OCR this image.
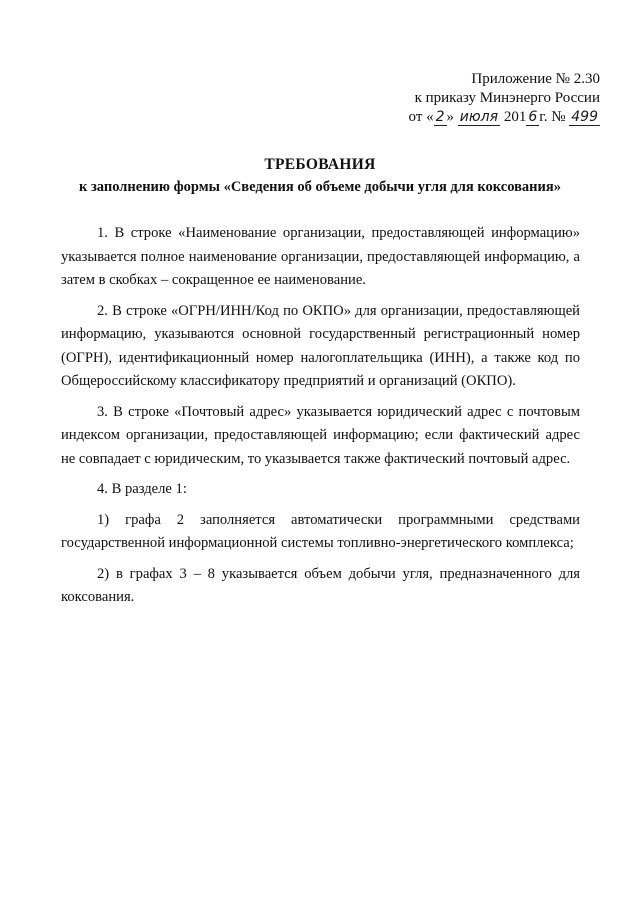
Приложение № 2.30
к приказу Минэнерго России
от « 2 » июля 201 6 г. № 499
ТРЕБОВАНИЯ
к заполнению формы «Сведения об объеме добычи угля для коксования»

1. В строке «Наименование организации, предоставляющей информацию» указывается полное наименование организации, предоставляющей информацию, а затем в скобках – сокращенное ее наименование.

2. В строке «ОГРН/ИНН/Код по ОКПО» для организации, предоставляющей информацию, указываются основной государственный регистрационный номер (ОГРН), идентификационный номер налогоплательщика (ИНН), а также код по Общероссийскому классификатору предприятий и организаций (ОКПО).

3. В строке «Почтовый адрес» указывается юридический адрес с почтовым индексом организации, предоставляющей информацию; если фактический адрес не совпадает с юридическим, то указывается также фактический почтовый адрес.

4. В разделе 1:

1) графа 2 заполняется автоматически программными средствами государственной информационной системы топливно-энергетического комплекса;

2) в графах 3 – 8 указывается объем добычи угля, предназначенного для коксования.
